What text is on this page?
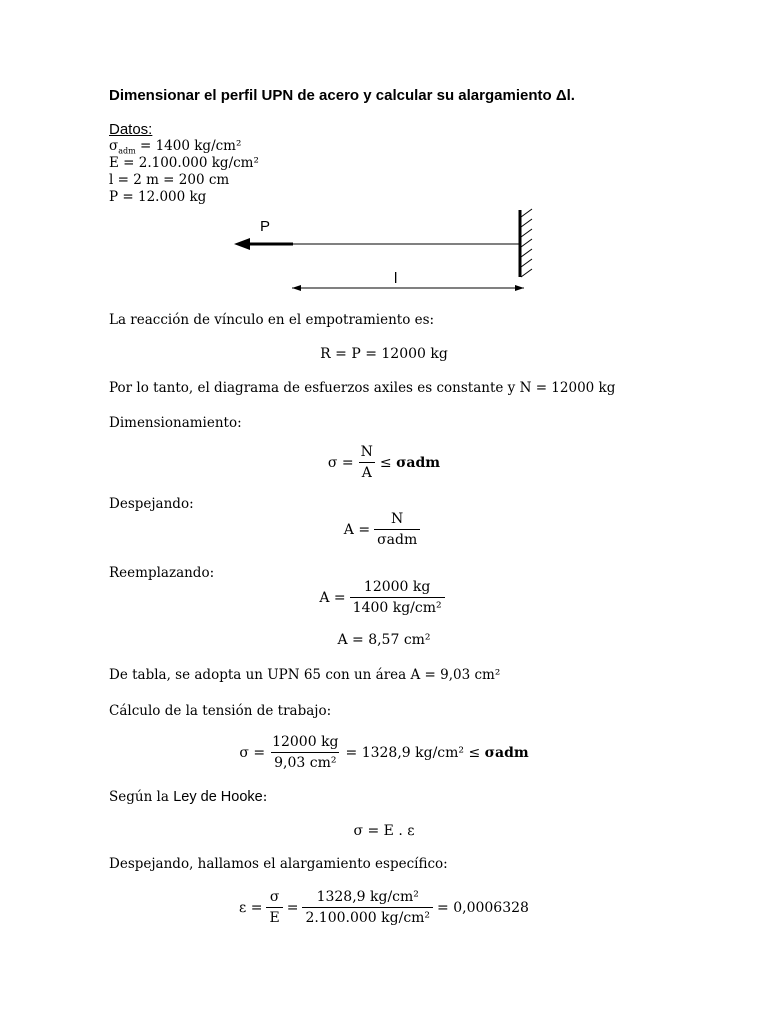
Dimensionar el perfil UPN de acero y calcular su alargamiento Δl.
Datos:
$\sigma_{adm} = 1400$ kg/cm²
E = 2.100.000 kg/cm²
l = 2 m = 200 cm
P = 12.000 kg
P
l
La reacción de vínculo en el empotramiento es:
R = P = 12000 kg
Por lo tanto, el diagrama de esfuerzos axiles es constante y N = 12000 kg
Dimensionamiento:
$\sigma = \frac{N}{A}$ ≤
σadm
Despejando:
$A = \frac{N}{\text{σadm}}$
Reemplazando:
$A = \frac{12000 kg}{\text{1400 kg/cm²}}$
A = 8,57 cm²
De tabla, se adopta un UPN 65 con un área A = 9,03 cm²
Cálculo de la tensión de trabajo:
$\sigma = \frac{12000 kg}{\text{9,03 cm²}} = 1328,9$ kg/cm² ≤
σadm
Según la Ley de Hooke:
σ = E . ε
Despejando, hallamos el alargamiento específico:
$\varepsilon = \frac{\sigma}{E} = \frac{\text{1328,9 kg/cm²}}{\text{2.100.000 kg/cm²}} = 0,0006328$
